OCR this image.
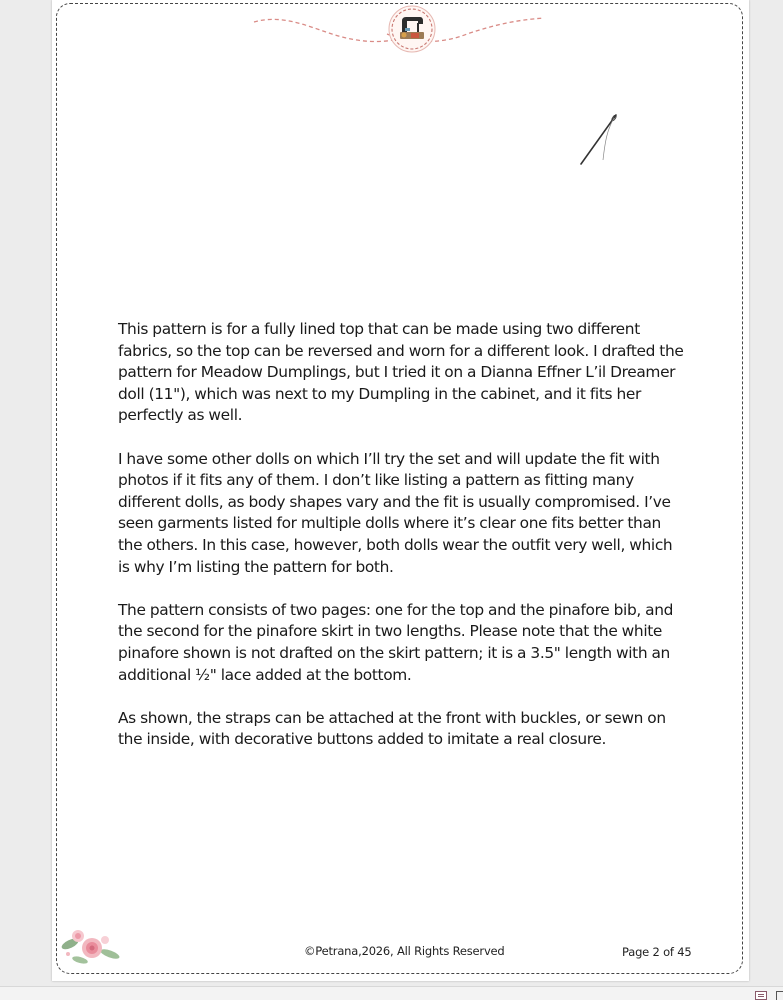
This pattern is for a fully lined top that can be made using two different fabrics, so the top can be reversed and worn for a different look. I drafted the pattern for Meadow Dumplings, but I tried it on a Dianna Effner L’il Dreamer doll (11"), which was next to my Dumpling in the cabinet, and it fits her perfectly as well.

I have some other dolls on which I’ll try the set and will update the fit with photos if it fits any of them. I don’t like listing a pattern as fitting many different dolls, as body shapes vary and the fit is usually compromised. I’ve seen garments listed for multiple dolls where it’s clear one fits better than the others. In this case, however, both dolls wear the outfit very well, which is why I’m listing the pattern for both.

The pattern consists of two pages: one for the top and the pinafore bib, and the second for the pinafore skirt in two lengths. Please note that the white pinafore shown is not drafted on the skirt pattern; it is a 3.5" length with an additional ½" lace added at the bottom.

As shown, the straps can be attached at the front with buckles, or sewn on the inside, with decorative buttons added to imitate a real closure.

©Petrana,2026, All Rights Reserved	Page 2 of 45
